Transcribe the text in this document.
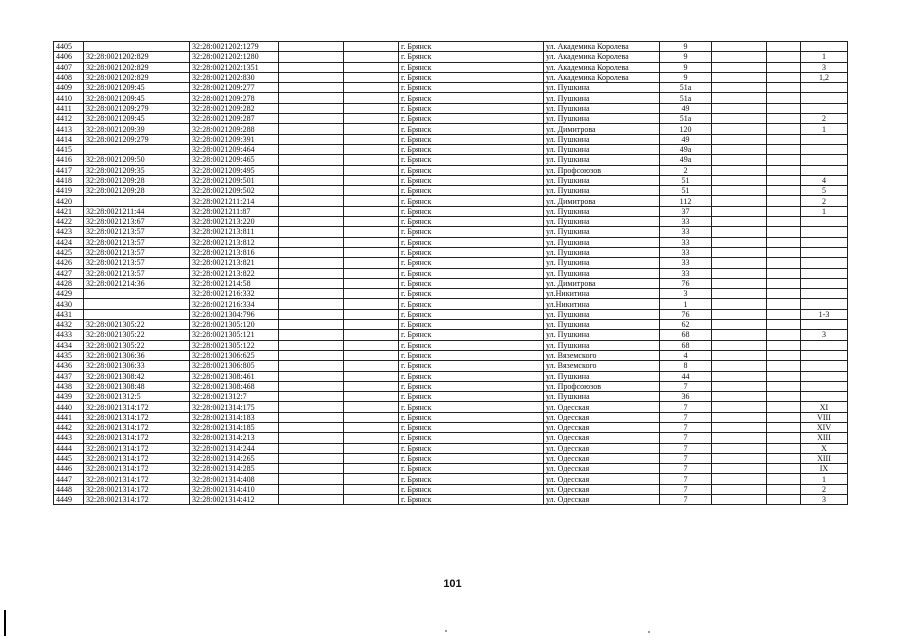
4405		32:28:0021202:1279			г. Брянск	ул. Академика Королева	9			
4406	32:28:0021202:829	32:28:0021202:1280			г. Брянск	ул. Академика Королева	9			1
4407	32:28:0021202:829	32:28:0021202:1351			г. Брянск	ул. Академика Королева	9			3
4408	32:28:0021202:829	32:28:0021202:830			г. Брянск	ул. Академика Королева	9			1,2
4409	32:28:0021209:45	32:28:0021209:277			г. Брянск	ул. Пушкина	51а			
4410	32:28:0021209:45	32:28:0021209:278			г. Брянск	ул. Пушкина	51а			
4411	32:28:0021209:279	32:28:0021209:282			г. Брянск	ул. Пушкина	49			
4412	32:28:0021209:45	32:28:0021209:287			г. Брянск	ул. Пушкина	51а			2
4413	32:28:0021209:39	32:28:0021209:288			г. Брянск	ул. Димитрова	120			1
4414	32:28:0021209:279	32:28:0021209:391			г. Брянск	ул. Пушкина	49			
4415		32:28:0021209:464			г. Брянск	ул. Пушкина	49а			
4416	32:28:0021209:50	32:28:0021209:465			г. Брянск	ул. Пушкина	49а			
4417	32:28:0021209:35	32:28:0021209:495			г. Брянск	ул. Профсоюзов	2			
4418	32:28:0021209:28	32:28:0021209:501			г. Брянск	ул. Пушкина	51			4
4419	32:28:0021209:28	32:28:0021209:502			г. Брянск	ул. Пушкина	51			5
4420		32:28:0021211:214			г. Брянск	ул. Димитрова	112			2
4421	32:28:0021211:44	32:28:0021211:87			г. Брянск	ул. Пушкина	37			1
4422	32:28:0021213:67	32:28:0021213:220			г. Брянск	ул. Пушкина	33			
4423	32:28:0021213:57	32:28:0021213:811			г. Брянск	ул. Пушкина	33			
4424	32:28:0021213:57	32:28:0021213:812			г. Брянск	ул. Пушкина	33			
4425	32:28:0021213:57	32:28:0021213:816			г. Брянск	ул. Пушкина	33			
4426	32:28:0021213:57	32:28:0021213:821			г. Брянск	ул. Пушкина	33			
4427	32:28:0021213:57	32:28:0021213:822			г. Брянск	ул. Пушкина	33			
4428	32:28:0021214:36	32:28:0021214:58			г. Брянск	ул. Димитрова	76			
4429		32:28:0021216:332			г. Брянск	ул.Никитина	3			
4430		32:28:0021216:334			г. Брянск	ул.Никитина	1			
4431		32:28:0021304:796			г. Брянск	ул. Пушкина	76			1-3
4432	32:28:0021305:22	32:28:0021305:120			г. Брянск	ул. Пушкина	62			
4433	32:28:0021305:22	32:28:0021305:121			г. Брянск	ул. Пушкина	68			3
4434	32:28:0021305:22	32:28:0021305:122			г. Брянск	ул. Пушкина	68			
4435	32:28:0021306:36	32:28:0021306:625			г. Брянск	ул. Вяземского	4			
4436	32:28:0021306:33	32:28:0021306:805			г. Брянск	ул. Вяземского	8			
4437	32:28:0021308:42	32:28:0021308:461			г. Брянск	ул. Пушкина	44			
4438	32:28:0021308:48	32:28:0021308:468			г. Брянск	ул. Профсоюзов	7			
4439	32:28:0021312:5	32:28:0021312:7			г. Брянск	ул. Пушкина	36			
4440	32:28:0021314:172	32:28:0021314:175			г. Брянск	ул. Одесская	7			XI
4441	32:28:0021314:172	32:28:0021314:183			г. Брянск	ул. Одесская	7			VIII
4442	32:28:0021314:172	32:28:0021314:185			г. Брянск	ул. Одесская	7			XIV
4443	32:28:0021314:172	32:28:0021314:213			г. Брянск	ул. Одесская	7			XIII
4444	32:28:0021314:172	32:28:0021314:244			г. Брянск	ул. Одесская	7			X
4445	32:28:0021314:172	32:28:0021314:265			г. Брянск	ул. Одесская	7			XIII
4446	32:28:0021314:172	32:28:0021314:285			г. Брянск	ул. Одесская	7			IX
4447	32:28:0021314:172	32:28:0021314:408			г. Брянск	ул. Одесская	7			1
4448	32:28:0021314:172	32:28:0021314:410			г. Брянск	ул. Одесская	7			2
4449	32:28:0021314:172	32:28:0021314:412			г. Брянск	ул. Одесская	7			3
101
